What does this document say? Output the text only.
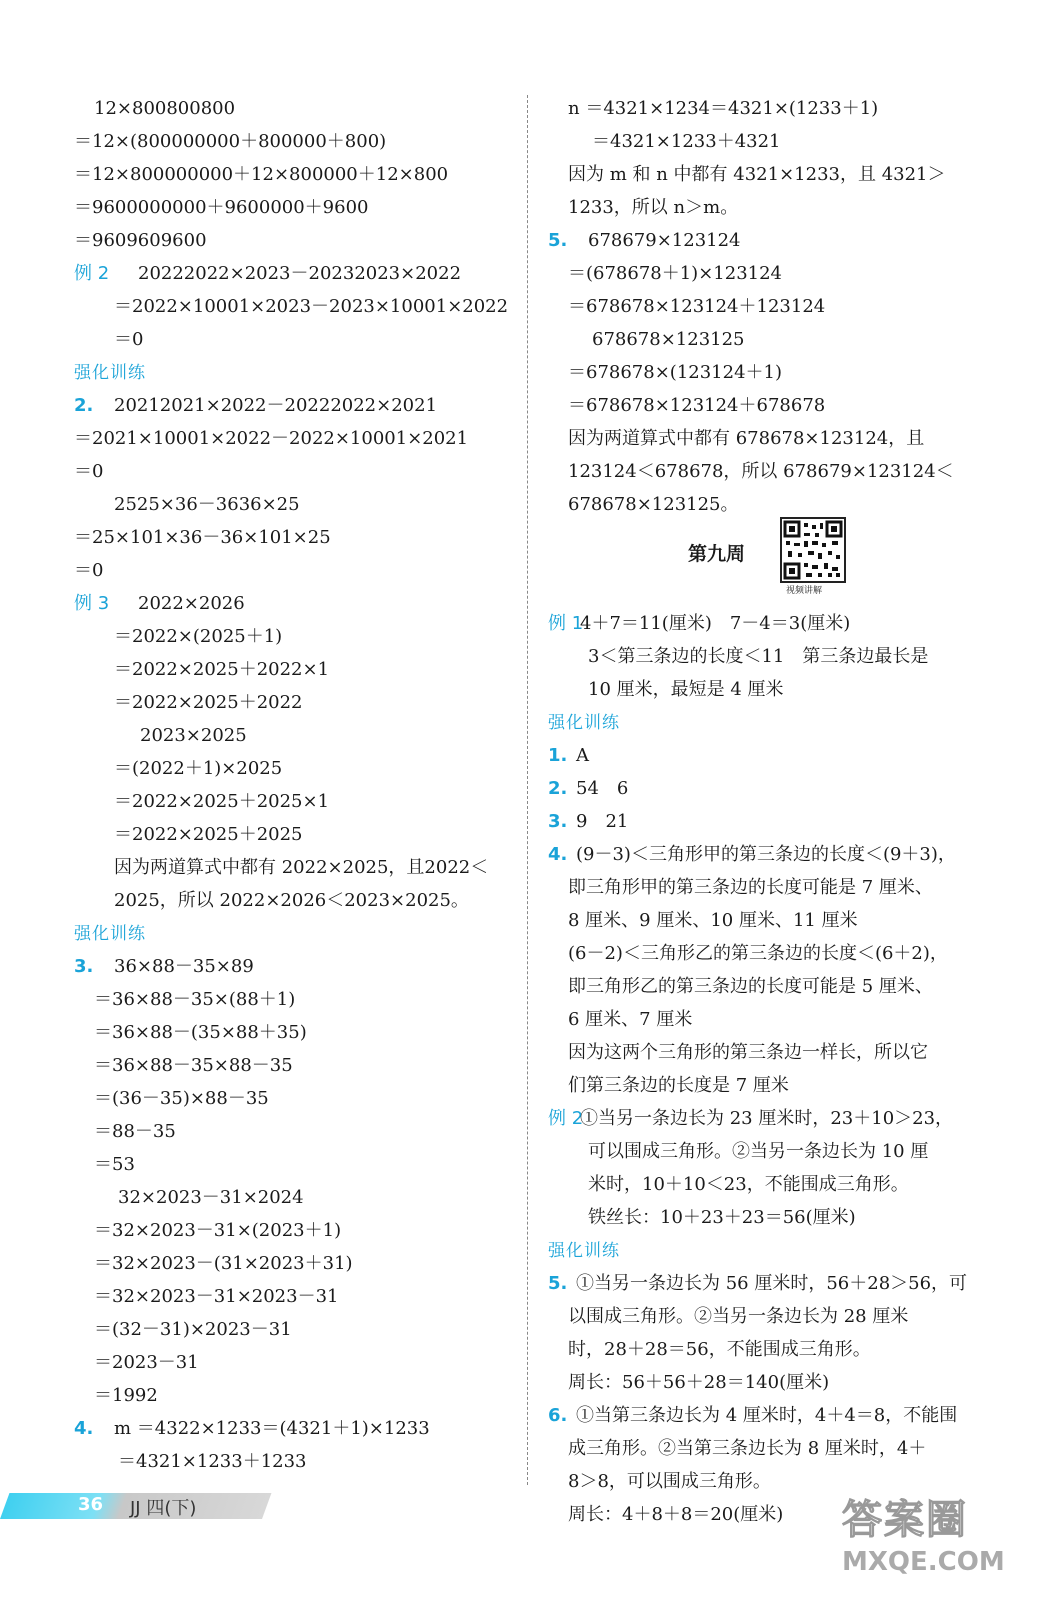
12×800800800
＝12×(800000000＋800000＋800)
＝12×800000000＋12×800000＋12×800
＝9600000000＋9600000＋9600
＝9609609600
例 2 20222022×2023－20232023×2022
＝2022×10001×2023－2023×10001×2022
＝0
强化训练
2. 20212021×2022－20222022×2021
＝2021×10001×2022－2022×10001×2021
＝0
2525×36－3636×25
＝25×101×36－36×101×25
＝0
例 3 2022×2026
＝2022×(2025＋1)
＝2022×2025＋2022×1
＝2022×2025＋2022
2023×2025
＝(2022＋1)×2025
＝2022×2025＋2025×1
＝2022×2025＋2025
因为两道算式中都有 2022×2025，且2022＜
2025，所以 2022×2026＜2023×2025。
强化训练
3. 36×88－35×89
＝36×88－35×(88＋1)
＝36×88－(35×88＋35)
＝36×88－35×88－35
＝(36－35)×88－35
＝88－35
＝53
32×2023－31×2024
＝32×2023－31×(2023＋1)
＝32×2023－(31×2023＋31)
＝32×2023－31×2023－31
＝(32－31)×2023－31
＝2023－31
＝1992
4. m ＝4322×1233＝(4321＋1)×1233
＝4321×1233＋1233
n ＝4321×1234＝4321×(1233＋1)
＝4321×1233＋4321
因为 m 和 n 中都有 4321×1233，且 4321＞
1233，所以 n＞m。
5. 678679×123124
＝(678678＋1)×123124
＝678678×123124＋123124
678678×123125
＝678678×(123124＋1)
＝678678×123124＋678678
因为两道算式中都有 678678×123124，且
123124＜678678，所以 678679×123124＜
678678×123125。
第九周
视频讲解
例 14＋7＝11(厘米)　7－4＝3(厘米)
3＜第三条边的长度＜11　第三条边最长是
10 厘米，最短是 4 厘米
强化训练
1. A
2. 54　6
3. 9　21
4. (9－3)＜三角形甲的第三条边的长度＜(9＋3)，
即三角形甲的第三条边的长度可能是 7 厘米、
8 厘米、9 厘米、10 厘米、11 厘米
(6－2)＜三角形乙的第三条边的长度＜(6＋2)，
即三角形乙的第三条边的长度可能是 5 厘米、
6 厘米、7 厘米
因为这两个三角形的第三条边一样长，所以它
们第三条边的长度是 7 厘米
例 2①当另一条边长为 23 厘米时，23＋10＞23，
可以围成三角形。②当另一条边长为 10 厘
米时，10＋10＜23，不能围成三角形。
铁丝长：10＋23＋23＝56(厘米)
强化训练
5. ①当另一条边长为 56 厘米时，56＋28＞56，可
以围成三角形。②当另一条边长为 28 厘米
时，28＋28＝56，不能围成三角形。
周长：56＋56＋28＝140(厘米)
6. ①当第三条边长为 4 厘米时，4＋4＝8，不能围
成三角形。②当第三条边长为 8 厘米时，4＋
8＞8，可以围成三角形。
周长：4＋8＋8＝20(厘米)
36 JJ 四(下)	答案圈
MXQE.COM
